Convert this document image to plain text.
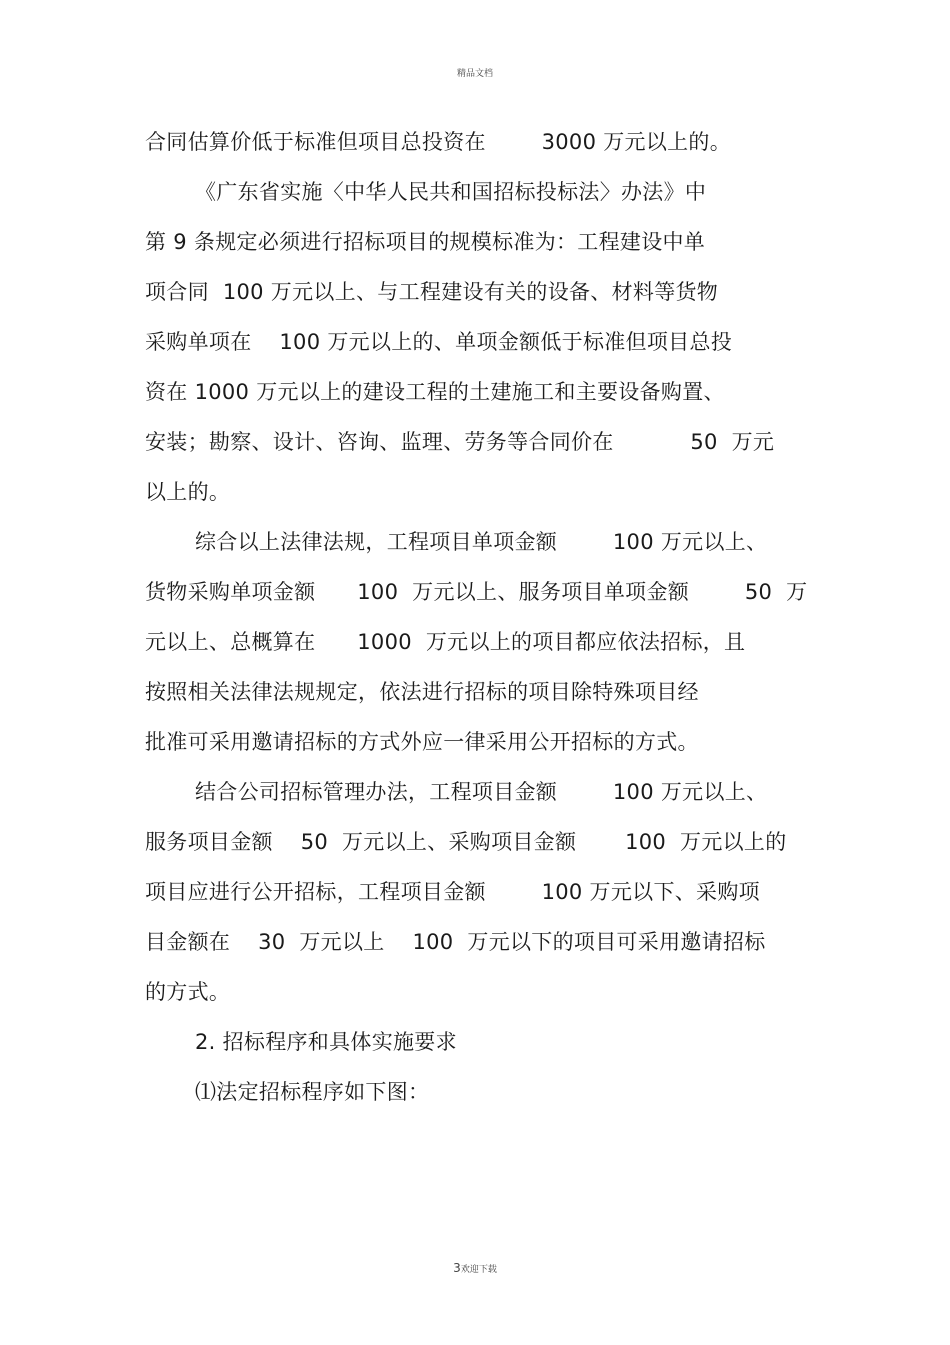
精品文档
合同估算价低于标准但项目总投资在        3000 万元以上的。
《广东省实施〈中华人民共和国招标投标法〉办法》中
第 9 条规定必须进行招标项目的规模标准为：工程建设中单
项合同  100 万元以上、与工程建设有关的设备、材料等货物
采购单项在    100 万元以上的、单项金额低于标准但项目总投
资在 1000 万元以上的建设工程的土建施工和主要设备购置、
安装；勘察、设计、咨询、监理、劳务等合同价在           50  万元
以上的。
综合以上法律法规，工程项目单项金额        100 万元以上、
货物采购单项金额      100  万元以上、服务项目单项金额        50  万
元以上、总概算在      1000  万元以上的项目都应依法招标，且
按照相关法律法规规定，依法进行招标的项目除特殊项目经
批准可采用邀请招标的方式外应一律采用公开招标的方式。
结合公司招标管理办法，工程项目金额        100 万元以上、
服务项目金额    50  万元以上、采购项目金额       100  万元以上的
项目应进行公开招标，工程项目金额        100 万元以下、采购项
目金额在    30  万元以上    100  万元以下的项目可采用邀请招标
的方式。
2. 招标程序和具体实施要求
⑴法定招标程序如下图：
3欢迎下载
